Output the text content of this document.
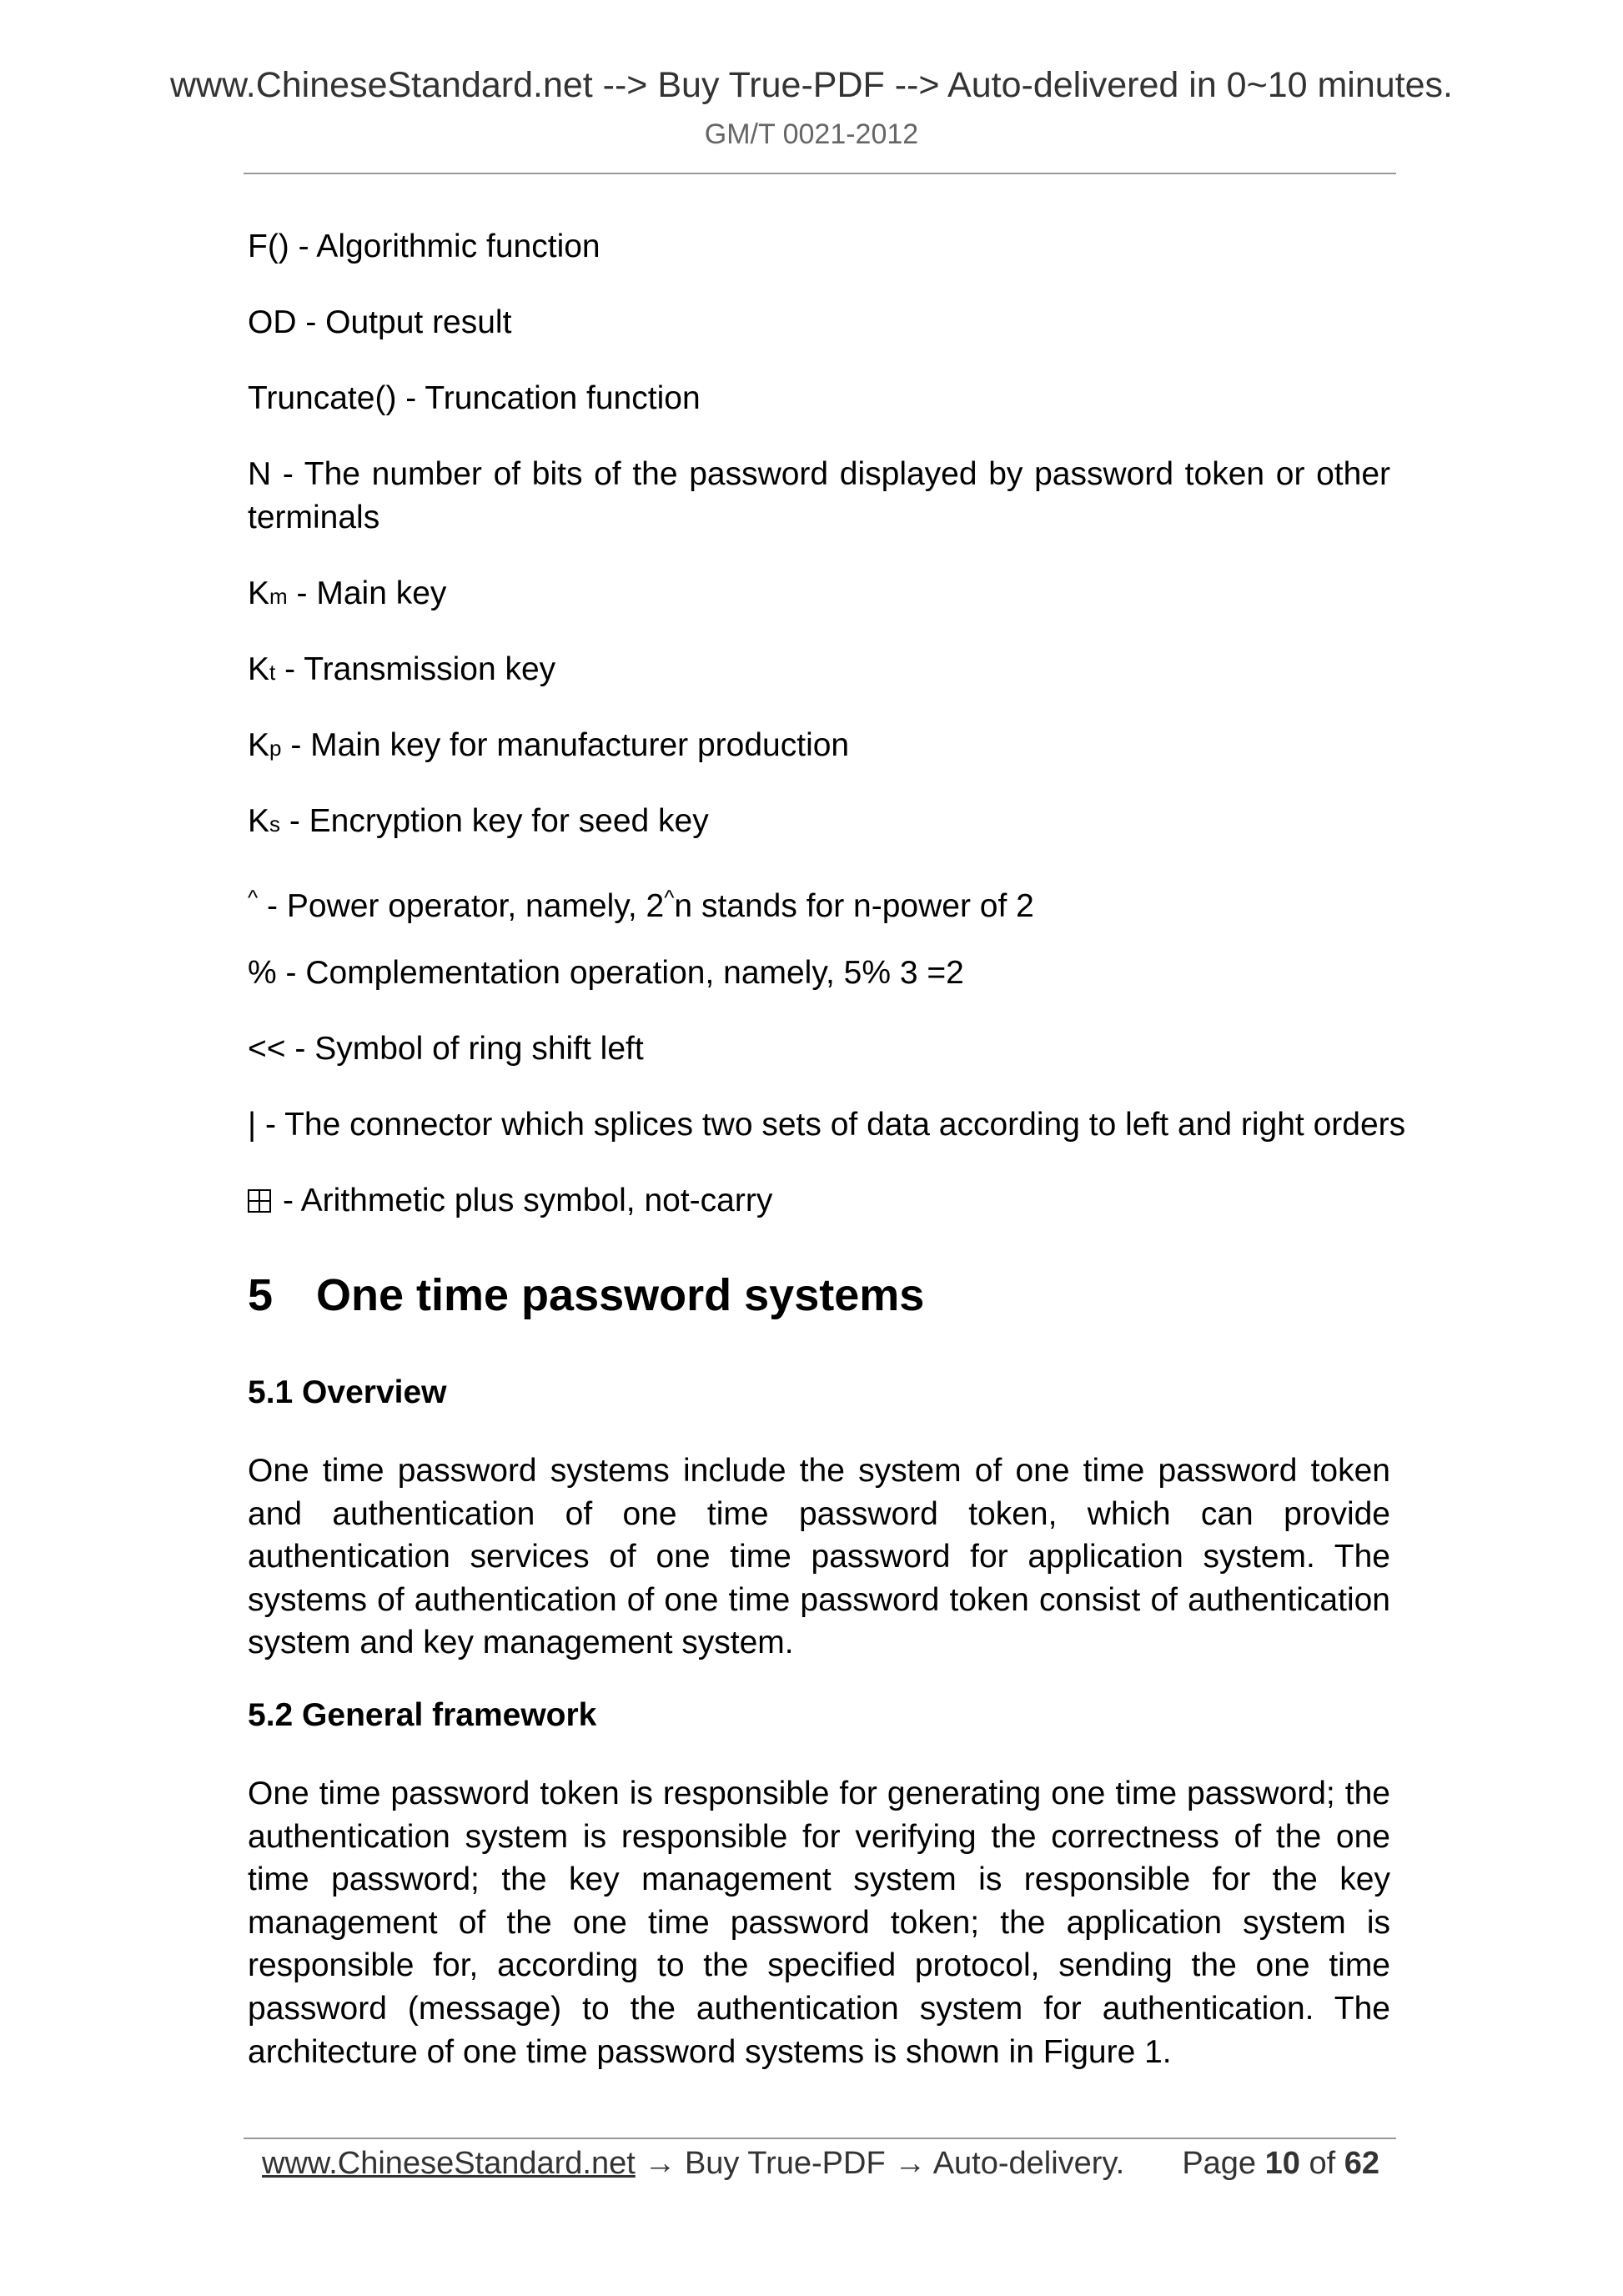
www.ChineseStandard.net --> Buy True-PDF --> Auto-delivered in 0~10 minutes.
GM/T 0021-2012
F() - Algorithmic function
OD - Output result
Truncate() - Truncation function
N - The number of bits of the password displayed by password token or other terminals
Km - Main key
Kt - Transmission key
Kp - Main key for manufacturer production
Ks - Encryption key for seed key
^ - Power operator, namely, 2^n stands for n-power of 2
% - Complementation operation, namely, 5% 3 =2
<< - Symbol of ring shift left
| - The connector which splices two sets of data according to left and right orders
- Arithmetic plus symbol, not-carry
5 One time password systems
5.1 Overview
One time password systems include the system of one time password token and authentication of one time password token, which can provide authentication services of one time password for application system. The systems of authentication of one time password token consist of authentication system and key management system.
5.2 General framework
One time password token is responsible for generating one time password; the authentication system is responsible for verifying the correctness of the one time password; the key management system is responsible for the key management of the one time password token; the application system is responsible for, according to the specified protocol, sending the one time password (message) to the authentication system for authentication. The architecture of one time password systems is shown in Figure 1.
www.ChineseStandard.net → Buy True-PDF → Auto-delivery. Page 10 of 62
